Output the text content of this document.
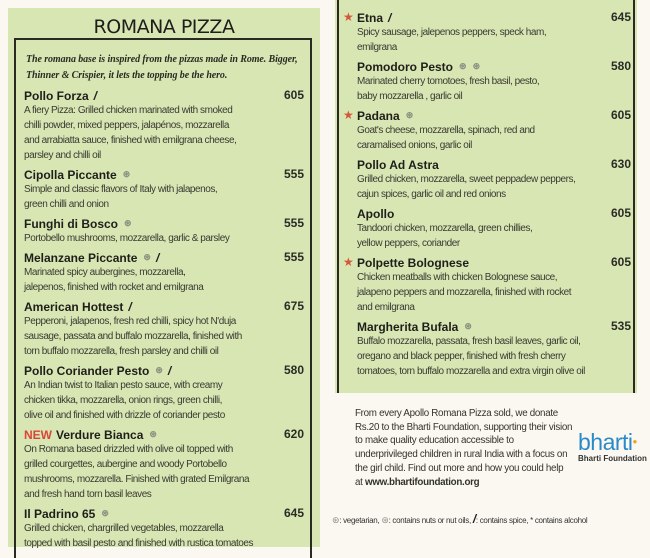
ROMANA PIZZA
The romana base is inspired from the pizzas made in Rome. Bigger, Thinner & Crispier, it lets the topping be the hero.
Pollo Forza /	605
A fiery Pizza: Grilled chicken marinated with smoked
chilli powder, mixed peppers, jalapénos, mozzarella
and arrabiatta sauce, finished with emilgrana cheese,
parsley and chilli oil
Cipolla Piccante ⊛	555
Simple and classic flavors of Italy with jalapenos,
green chilli and onion
Funghi di Bosco ⊛	555
Portobello mushrooms, mozzarella, garlic & parsley
Melanzane Piccante ⊛ /	555
Marinated spicy aubergines, mozzarella,
jalepenos, finished with rocket and emilgrana
American Hottest /	675
Pepperoni, jalapenos, fresh red chilli, spicy hot N'duja
sausage, passata and buffalo mozzarella, finished with
torn buffalo mozzarella, fresh parsley and chilli oil
Pollo Coriander Pesto ⊛ /	580
An Indian twist to Italian pesto sauce, with creamy
chicken tikka, mozzarella, onion rings, green chilli,
olive oil and finished with drizzle of coriander pesto
NEW Verdure Bianca ⊛	620
On Romana based drizzled with olive oil topped with
grilled courgettes, aubergine and woody Portobello
mushrooms, mozzarella. Finished with grated Emilgrana
and fresh hand torn basil leaves
Il Padrino 65 ⊛	645
Grilled chicken, chargrilled vegetables, mozzarella
topped with basil pesto and finished with rustica tomatoes
★ Etna /	645
Spicy sausage, jalepenos peppers, speck ham,
emilgrana
Pomodoro Pesto ⊛ ⊛	580
Marinated cherry tomotoes, fresh basil, pesto,
baby mozzarella , garlic oil
★ Padana ⊛	605
Goat's cheese, mozzarella, spinach, red and
caramalised onions, garlic oil
Pollo Ad Astra	630
Grilled chicken, mozzarella, sweet peppadew peppers,
cajun spices, garlic oil and red onions
Apollo	605
Tandoori chicken, mozzarella, green chillies,
yellow peppers, coriander
★ Polpette Bolognese	605
Chicken meatballs with chicken Bolognese sauce,
jalapeno peppers and mozzarella, finished with rocket
and emilgrana
Margherita Bufala ⊛	535
Buffalo mozzarella, passata, fresh basil leaves, garlic oil,
oregano and black pepper, finished with fresh cherry
tomatoes, torn buffalo mozzarella and extra virgin olive oil
From every Apollo Romana Pizza sold, we donate Rs.20 to the Bharti Foundation, supporting their vision to make quality education accessible to underprivileged children in rural India with a focus on the girl child. Find out more and how you could help at www.bhartifoundation.org
bharti●
Bharti Foundation
⊛: vegetarian, ⊛: contains nuts or nut oils, /: contains spice, * contains alcohol
